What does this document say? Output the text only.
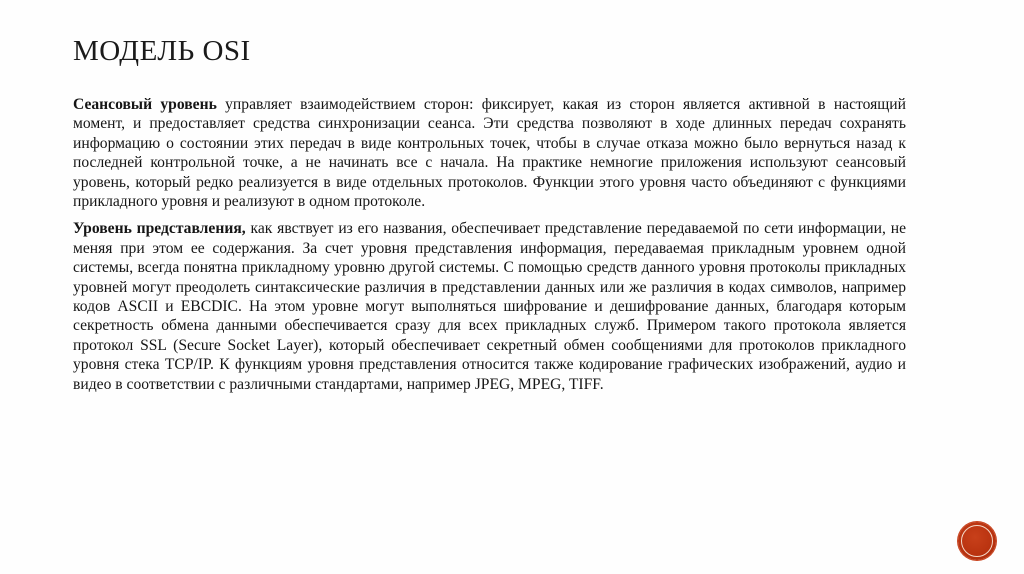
МОДЕЛЬ OSI

Сеансовый уровень управляет взаимодействием сторон: фиксирует, какая из сторон является активной в настоящий момент, и предоставляет средства синхронизации сеанса. Эти средства позволяют в ходе длинных передач сохранять информацию о состоянии этих передач в виде контрольных точек, чтобы в случае отказа можно было вернуться назад к последней контрольной точке, а не начинать все с начала. На практике немногие приложения используют сеансовый уровень, который редко реализуется в виде отдельных протоколов. Функции этого уровня часто объединяют с функциями прикладного уровня и реализуют в одном протоколе.

Уровень представления, как явствует из его названия, обеспечивает представление передаваемой по сети информации, не меняя при этом ее содержания. За счет уровня представления информация, передаваемая прикладным уровнем одной системы, всегда понятна прикладному уровню другой системы. С помощью средств данного уровня протоколы прикладных уровней могут преодолеть синтаксические различия в представлении данных или же различия в кодах символов, например кодов ASCII и EBCDIC. На этом уровне могут выполняться шифрование и дешифрование данных, благодаря которым секретность обмена данными обеспечивается сразу для всех прикладных служб. Примером такого протокола является протокол SSL (Secure Socket Layer), который обеспечивает секретный обмен сообщениями для протоколов прикладного уровня стека TCP/IP. К функциям уровня представления относится также кодирование графических изображений, аудио и видео в соответствии с различными стандартами, например JPEG, MPEG, TIFF.
